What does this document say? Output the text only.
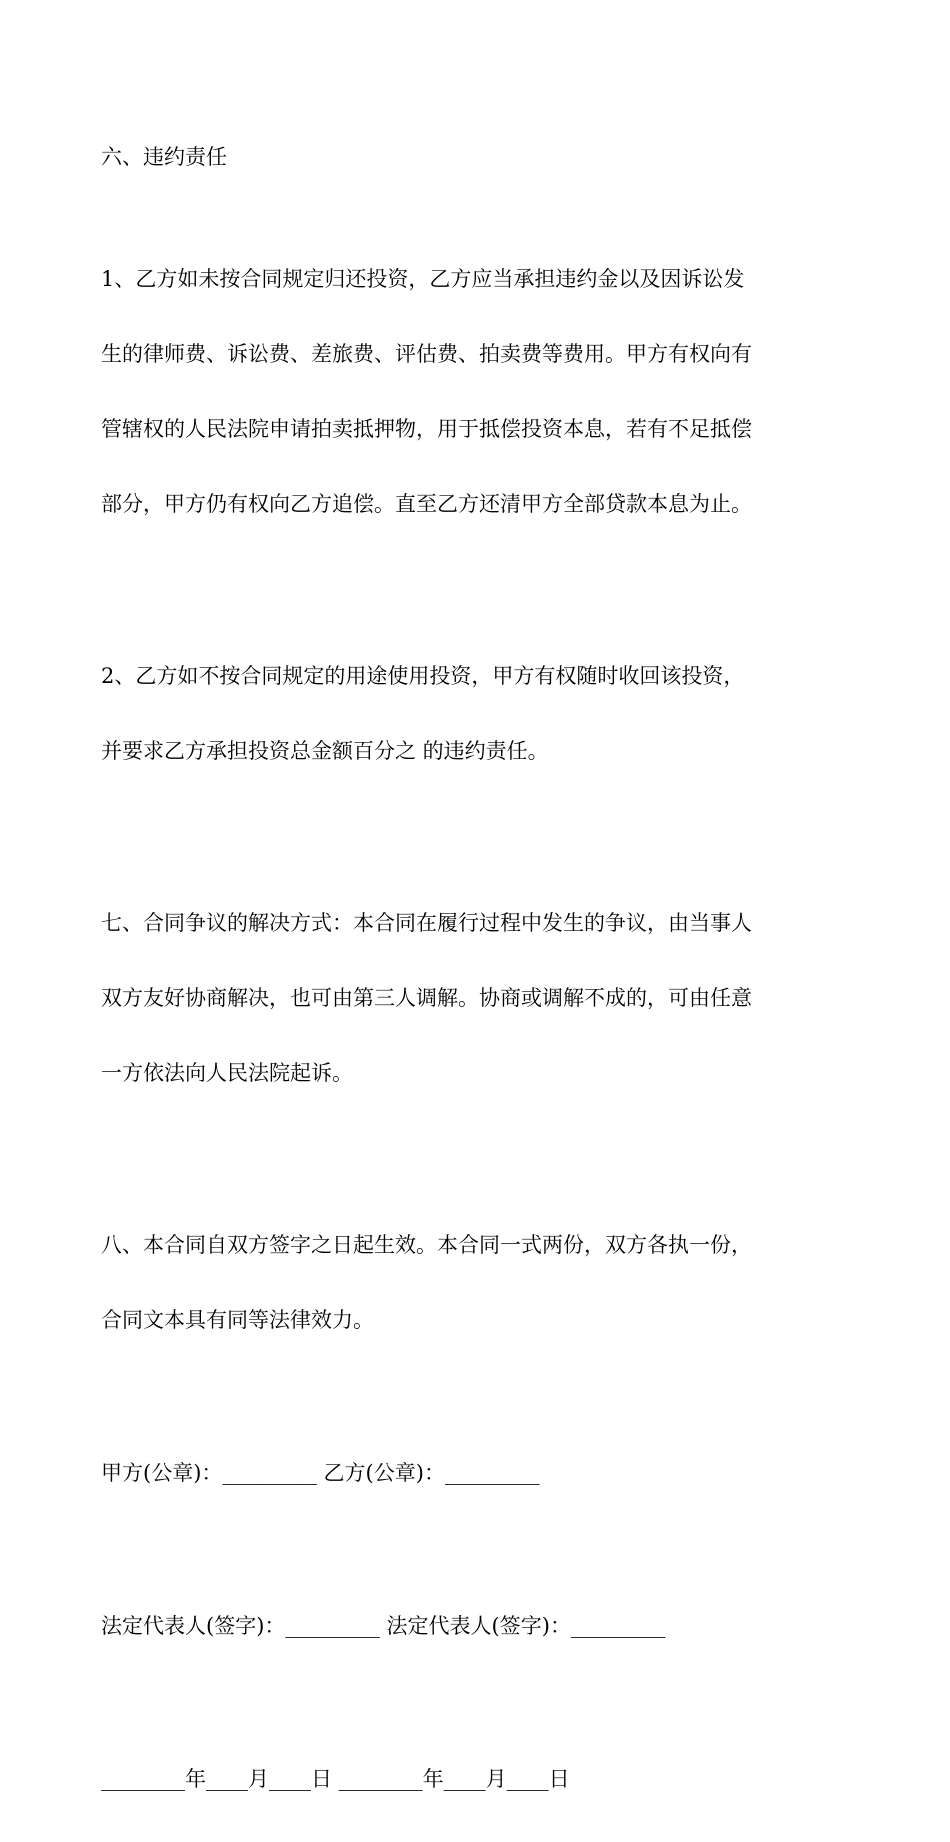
六、违约责任

1、乙方如未按合同规定归还投资，乙方应当承担违约金以及因诉讼发

生的律师费、诉讼费、差旅费、评估费、拍卖费等费用。甲方有权向有

管辖权的人民法院申请拍卖抵押物，用于抵偿投资本息，若有不足抵偿

部分，甲方仍有权向乙方追偿。直至乙方还清甲方全部贷款本息为止。

2、乙方如不按合同规定的用途使用投资，甲方有权随时收回该投资，

并要求乙方承担投资总金额百分之 的违约责任。

七、合同争议的解决方式：本合同在履行过程中发生的争议，由当事人

双方友好协商解决，也可由第三人调解。协商或调解不成的，可由任意

一方依法向人民法院起诉。

八、本合同自双方签字之日起生效。本合同一式两份，双方各执一份，

合同文本具有同等法律效力。

甲方(公章)：_________ 乙方(公章)：_________

法定代表人(签字)：_________ 法定代表人(签字)：_________

________年____月____日 ________年____月____日
